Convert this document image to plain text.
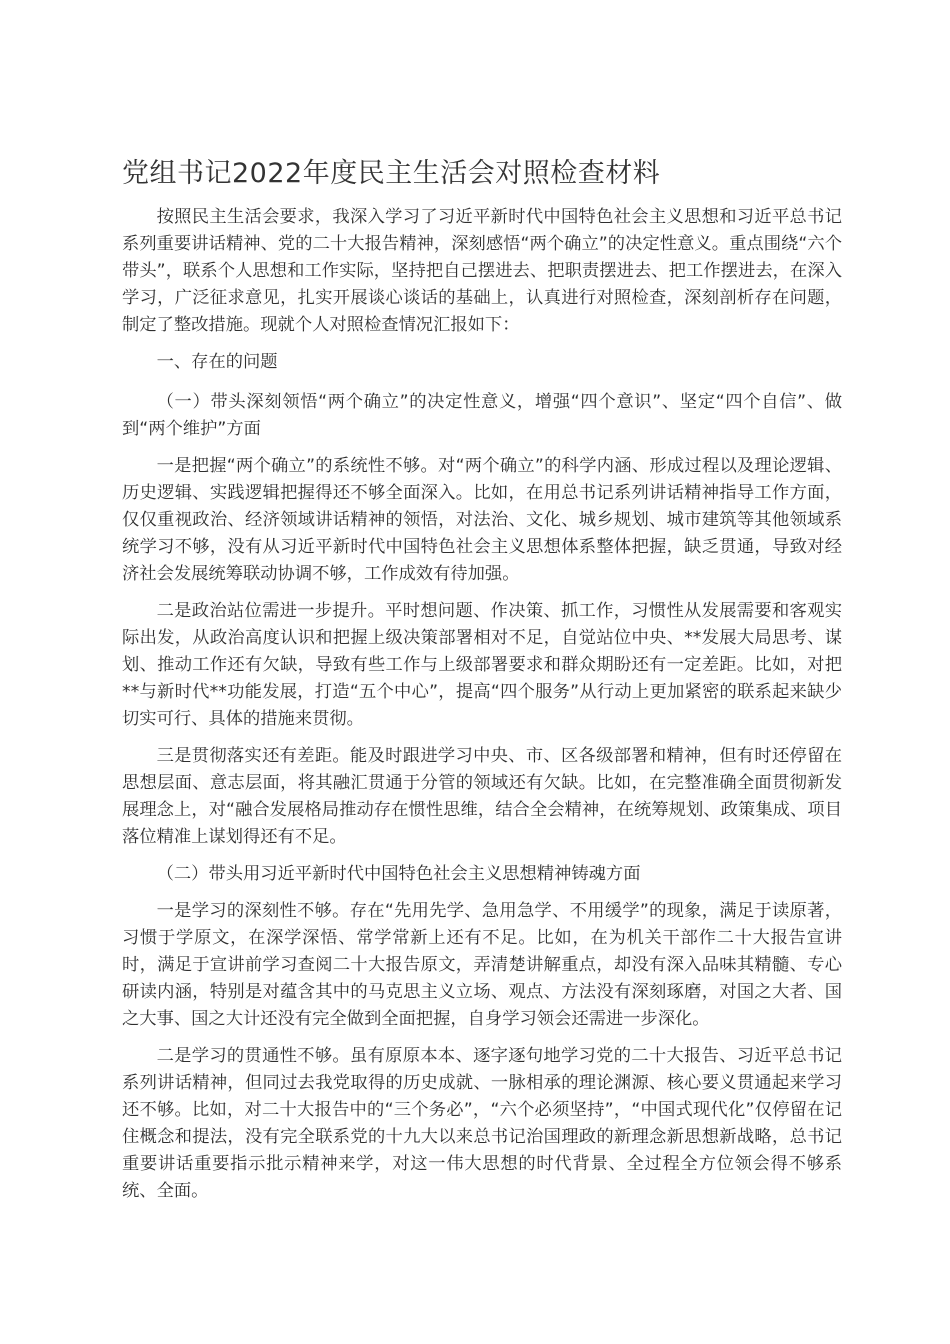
党组书记2022年度民主生活会对照检查材料

按照民主生活会要求，我深入学习了习近平新时代中国特色社会主义思想和习近平总书记系列重要讲话精神、党的二十大报告精神，深刻感悟“两个确立”的决定性意义。重点围绕“六个带头”，联系个人思想和工作实际，坚持把自己摆进去、把职责摆进去、把工作摆进去，在深入学习，广泛征求意见，扎实开展谈心谈话的基础上，认真进行对照检查，深刻剖析存在问题，制定了整改措施。现就个人对照检查情况汇报如下：

一、存在的问题

（一）带头深刻领悟“两个确立”的决定性意义，增强“四个意识”、坚定“四个自信”、做到“两个维护”方面

一是把握“两个确立”的系统性不够。对“两个确立”的科学内涵、形成过程以及理论逻辑、历史逻辑、实践逻辑把握得还不够全面深入。比如，在用总书记系列讲话精神指导工作方面，仅仅重视政治、经济领域讲话精神的领悟，对法治、文化、城乡规划、城市建筑等其他领域系统学习不够，没有从习近平新时代中国特色社会主义思想体系整体把握，缺乏贯通，导致对经济社会发展统筹联动协调不够，工作成效有待加强。

二是政治站位需进一步提升。平时想问题、作决策、抓工作，习惯性从发展需要和客观实际出发，从政治高度认识和把握上级决策部署相对不足，自觉站位中央、**发展大局思考、谋划、推动工作还有欠缺，导致有些工作与上级部署要求和群众期盼还有一定差距。比如，对把**与新时代**功能发展，打造“五个中心”，提高“四个服务”从行动上更加紧密的联系起来缺少切实可行、具体的措施来贯彻。

三是贯彻落实还有差距。能及时跟进学习中央、市、区各级部署和精神，但有时还停留在思想层面、意志层面，将其融汇贯通于分管的领域还有欠缺。比如，在完整准确全面贯彻新发展理念上，对“融合发展格局推动存在惯性思维，结合全会精神，在统筹规划、政策集成、项目落位精准上谋划得还有不足。

（二）带头用习近平新时代中国特色社会主义思想精神铸魂方面

一是学习的深刻性不够。存在“先用先学、急用急学、不用缓学”的现象，满足于读原著，习惯于学原文，在深学深悟、常学常新上还有不足。比如，在为机关干部作二十大报告宣讲时，满足于宣讲前学习查阅二十大报告原文，弄清楚讲解重点，却没有深入品味其精髓、专心研读内涵，特别是对蕴含其中的马克思主义立场、观点、方法没有深刻琢磨，对国之大者、国之大事、国之大计还没有完全做到全面把握，自身学习领会还需进一步深化。

二是学习的贯通性不够。虽有原原本本、逐字逐句地学习党的二十大报告、习近平总书记系列讲话精神，但同过去我党取得的历史成就、一脉相承的理论渊源、核心要义贯通起来学习还不够。比如，对二十大报告中的“三个务必”，“六个必须坚持”，“中国式现代化”仅停留在记住概念和提法，没有完全联系党的十九大以来总书记治国理政的新理念新思想新战略，总书记重要讲话重要指示批示精神来学，对这一伟大思想的时代背景、全过程全方位领会得不够系统、全面。
